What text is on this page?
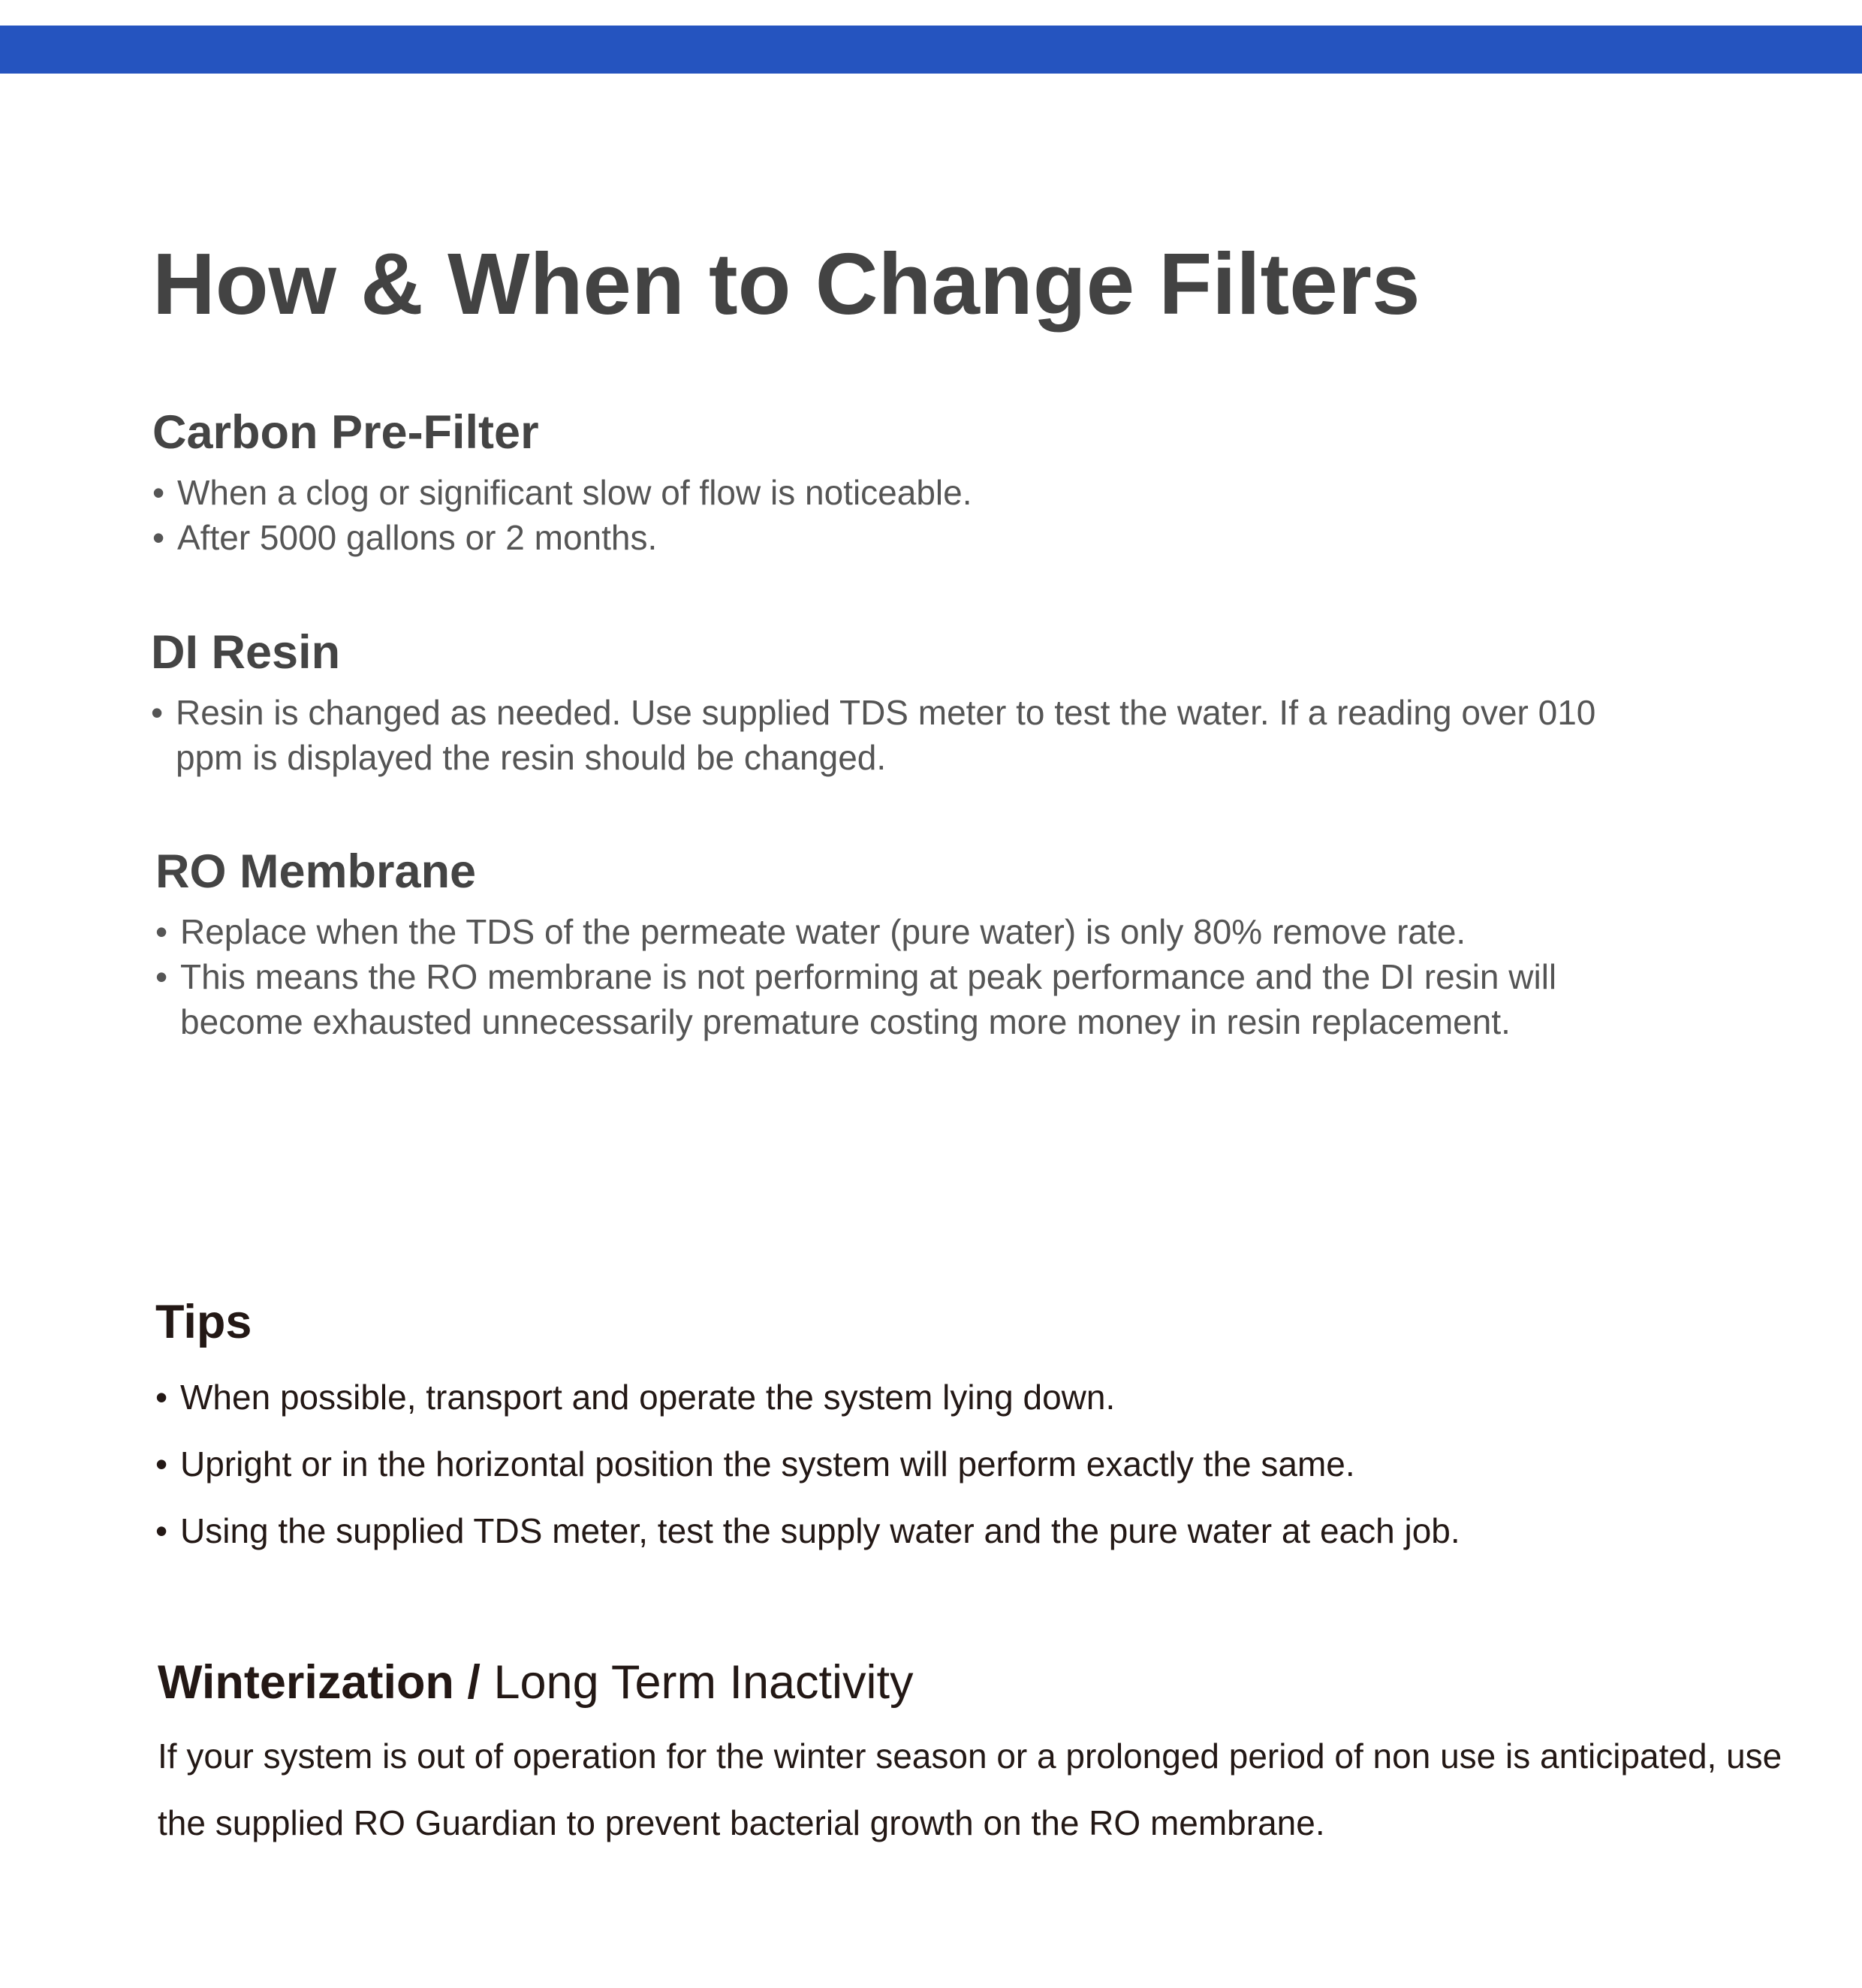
How & When to Change Filters
Carbon Pre-Filter
• When a clog or significant slow of flow is noticeable.
• After 5000 gallons or 2 months.
DI Resin
• Resin is changed as needed. Use supplied TDS meter to test the water. If a reading over 010 ppm is displayed the resin should be changed.
RO Membrane
• Replace when the TDS of the permeate water (pure water) is only 80% remove rate.
• This means the RO membrane is not performing at peak performance and the DI resin will become exhausted unnecessarily premature costing more money in resin replacement.
Tips
• When possible, transport and operate the system lying down.
• Upright or in the horizontal position the system will perform exactly the same.
• Using the supplied TDS meter, test the supply water and the pure water at each job.
Winterization / Long Term Inactivity

If your system is out of operation for the winter season or a prolonged period of non use is anticipated, use the supplied RO Guardian to prevent bacterial growth on the RO membrane.
